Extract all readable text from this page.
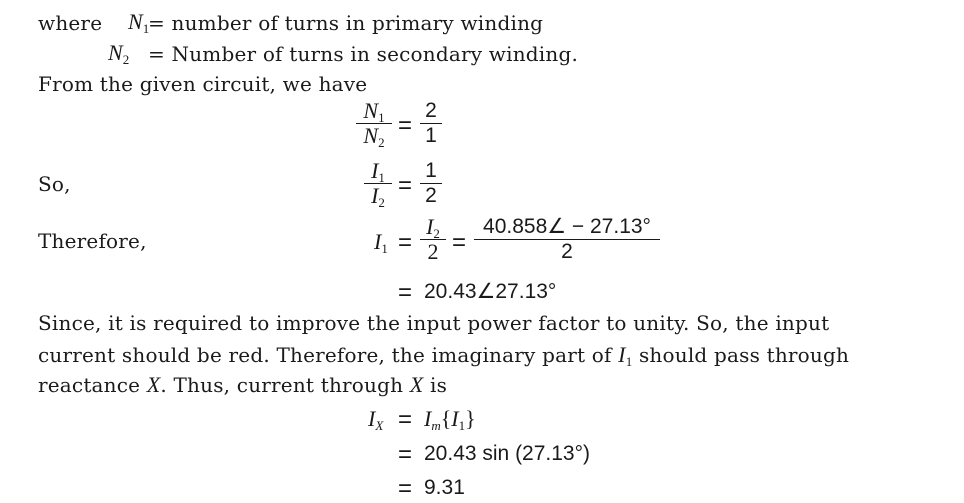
where $N_1$
= number of turns in primary winding
$N_2$ = Number of turns in secondary winding.
From the given circuit, we have
$N_1$
$N_2$
=
2
1
So,
$I_1$
$I_2$
=
1
2
Therefore,	$I_1$ =
$I_2$
2 =
40.858∠ − 27.13°
2
= 20.43∠27.13°
Since, it is required to improve the input power factor to unity. So, the input
current should be red. Therefore, the imaginary part of $I_1$ should pass through
reactance X. Thus, current through X is
$I_X = I_m\{I_1\}$
= 20.43 sin (27.13°)
= 9.31
